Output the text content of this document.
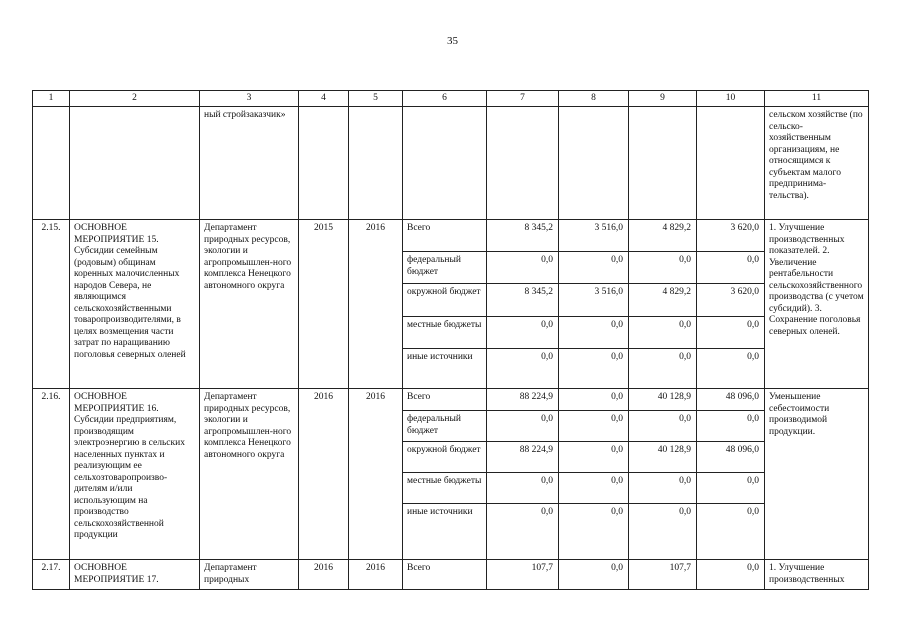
35
1	2	3	4	5	6	7	8	9	10	11
		ный стройзаказчик»								сельском хозяйстве (по сельско-хозяйственным организациям, не относящимся к субъектам малого предпринима-тельства).
2.15.	ОСНОВНОЕ МЕРОПРИЯТИЕ 15. Субсидии семейным (родовым) общинам коренных малочисленных народов Севера, не являющимся сельскохозяйственными товаропроизводителями, в целях возмещения части затрат по наращиванию поголовья северных оленей	Департамент природных ресурсов, экологии и агропромышлен-ного комплекса Ненецкого автономного округа	2015	2016	Всего	8 345,2	3 516,0	4 829,2	3 620,0	1. Улучшение производственных показателей. 2. Увеличение рентабельности сельскохозяйственного производства (с учетом субсидий). 3. Сохранение поголовья северных оленей.
					федеральный бюджет	0,0	0,0	0,0	0,0	
					окружной бюджет	8 345,2	3 516,0	4 829,2	3 620,0	
					местные бюджеты	0,0	0,0	0,0	0,0	
					иные источники	0,0	0,0	0,0	0,0	
2.16.	ОСНОВНОЕ МЕРОПРИЯТИЕ 16. Субсидии предприятиям, производящим электроэнергию в сельских населенных пунктах и реализующим ее сельхозтоваропроизво-дителям и/или использующим на производство сельскохозяйственной продукции	Департамент природных ресурсов, экологии и агропромышлен-ного комплекса Ненецкого автономного округа	2016	2016	Всего	88 224,9	0,0	40 128,9	48 096,0	Уменьшение себестоимости производимой продукции.
					федеральный бюджет	0,0	0,0	0,0	0,0	
					окружной бюджет	88 224,9	0,0	40 128,9	48 096,0	
					местные бюджеты	0,0	0,0	0,0	0,0	
					иные источники	0,0	0,0	0,0	0,0	
2.17.	ОСНОВНОЕ МЕРОПРИЯТИЕ 17.	Департамент природных	2016	2016	Всего	107,7	0,0	107,7	0,0	1. Улучшение производственных
